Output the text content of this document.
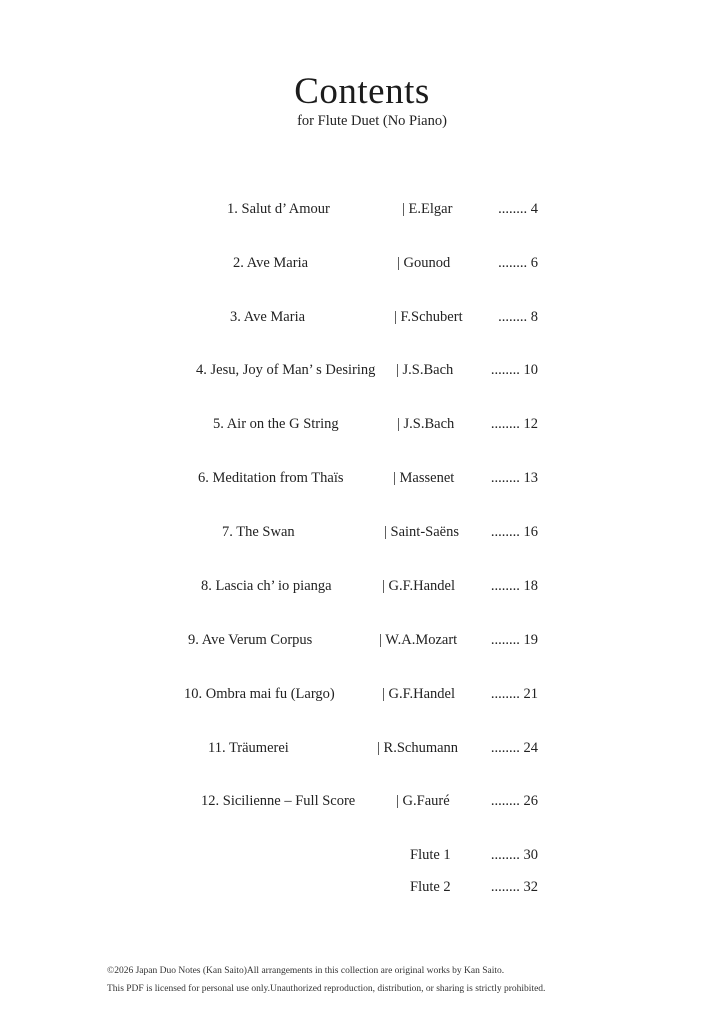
Contents
for Flute Duet (No Piano)
1. Salut d’ Amour	| E.Elgar	........ 4
2. Ave Maria	| Gounod	........ 6
3. Ave Maria	| F.Schubert ........ 8
4. Jesu, Joy of Man’ s Desiring | J.S.Bach	........ 10
5. Air on the G String	| J.S.Bach	........ 12
6. Meditation from Thaïs	| Massenet	........ 13
7. The Swan	| Saint-Saëns ........ 16
8. Lascia ch’ io pianga	| G.F.Handel ........ 18
9. Ave Verum Corpus	| W.A.Mozart ........ 19
10. Ombra mai fu (Largo)	| G.F.Handel ........ 21
11. Träumerei	| R.Schumann ........ 24
12. Sicilienne – Full Score	| G.Fauré	........ 26
Flute 1	........ 30
Flute 2	........ 32
©2026 Japan Duo Notes (Kan Saito)All arrangements in this collection are original works by Kan Saito.
This PDF is licensed for personal use only.Unauthorized reproduction, distribution, or sharing is strictly prohibited.
